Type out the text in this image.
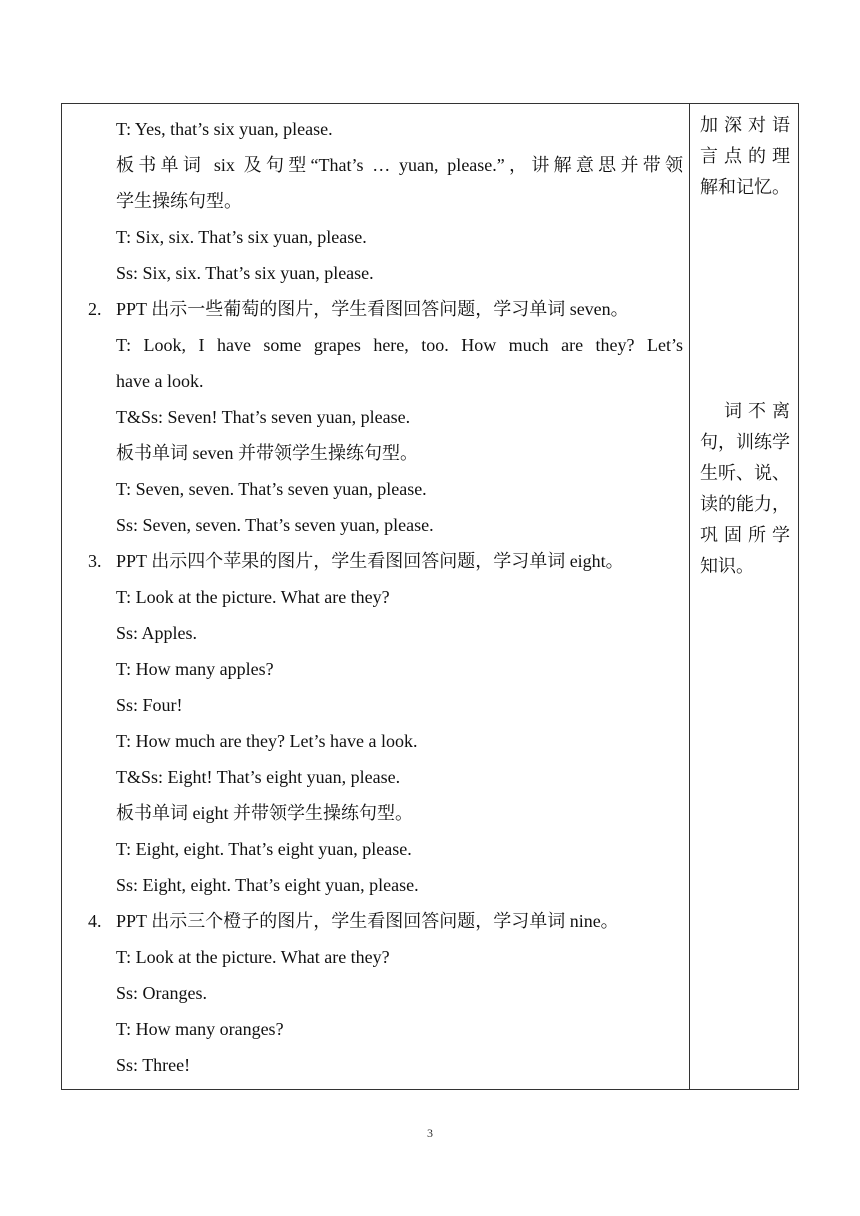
T: Yes, that’s six yuan, please.
板书单词 six 及句型“That’s … yuan, please.”，讲解意思并带领
学生操练句型。
T: Six, six. That’s six yuan, please.
Ss: Six, six. That’s six yuan, please.
2. PPT 出示一些葡萄的图片，学生看图回答问题，学习单词 seven。
T: Look, I have some grapes here, too. How much are they? Let’s
have a look.
T&Ss: Seven! That’s seven yuan, please.
板书单词 seven 并带领学生操练句型。
T: Seven, seven. That’s seven yuan, please.
Ss: Seven, seven. That’s seven yuan, please.
3. PPT 出示四个苹果的图片，学生看图回答问题，学习单词 eight。
T: Look at the picture. What are they?
Ss: Apples.
T: How many apples?
Ss: Four!
T: How much are they? Let’s have a look.
T&Ss: Eight! That’s eight yuan, please.
板书单词 eight 并带领学生操练句型。
T: Eight, eight. That’s eight yuan, please.
Ss: Eight, eight. That’s eight yuan, please.
4. PPT 出示三个橙子的图片，学生看图回答问题，学习单词 nine。
T: Look at the picture. What are they?
Ss: Oranges.
T: How many oranges?
Ss: Three!
加深对语
言点的理
解和记忆。
　词不离
句，训练学
生听、说、
读的能力，
巩固所学
知识。
3
